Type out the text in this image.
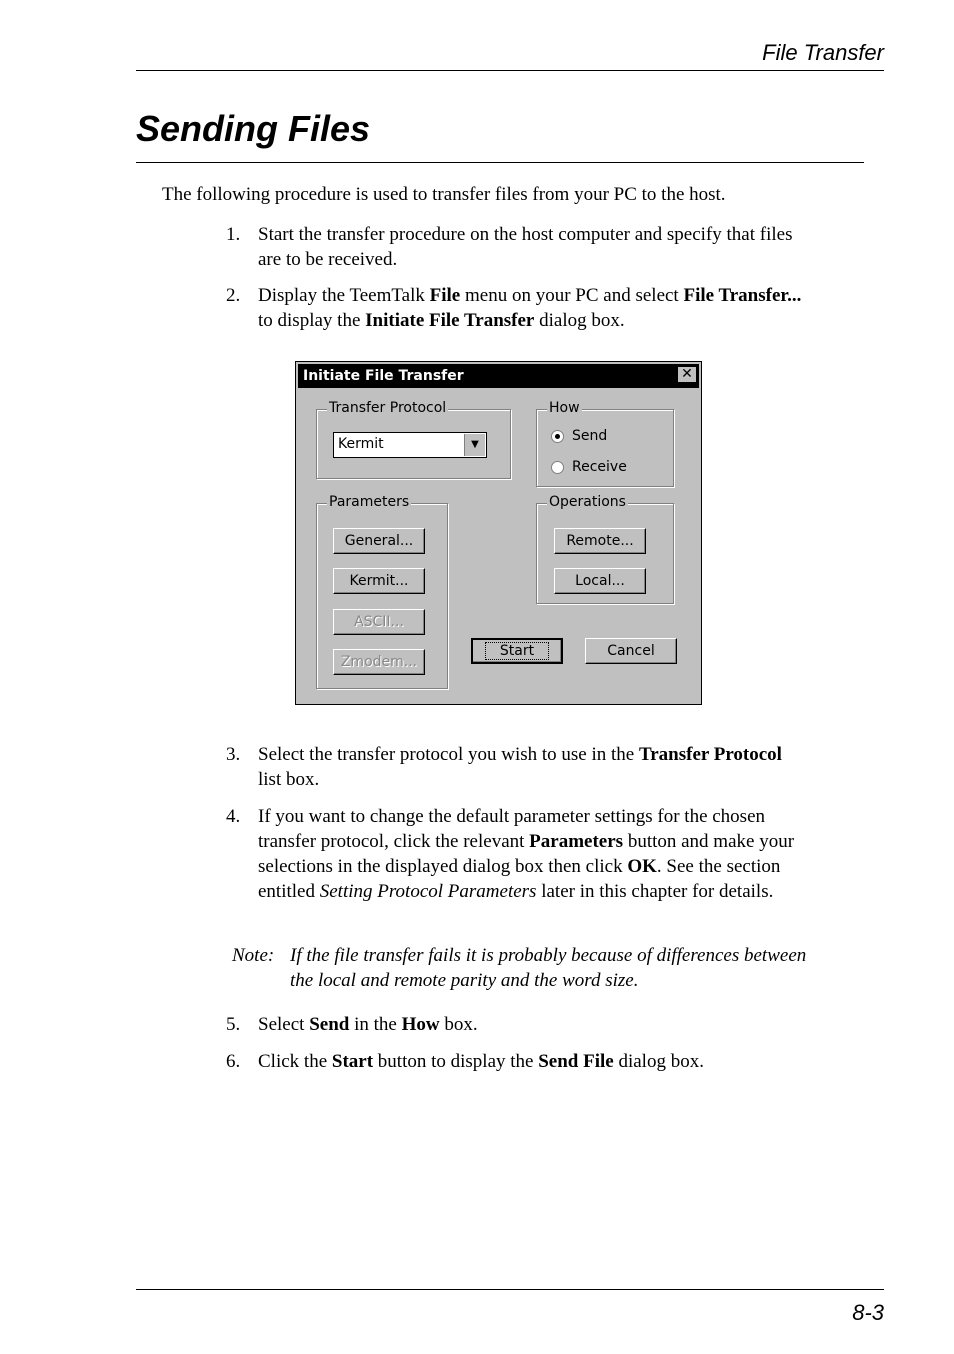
File Transfer
Sending Files
The following procedure is used to transfer files from your PC to the host.
1. Start the transfer procedure on the host computer and specify that files are to be received.
2. Display the TeemTalk File menu on your PC and select File Transfer... to display the Initiate File Transfer dialog box.
Initiate File Transfer	✕
Transfer Protocol
Kermit	▼
How
Send
Receive
Parameters
General...
Kermit...
ASCII...
Zmodem...
Operations
Remote...
Local...
Start	Cancel
3. Select the transfer protocol you wish to use in the Transfer Protocol list box.
4. If you want to change the default parameter settings for the chosen transfer protocol, click the relevant Parameters button and make your selections in the displayed dialog box then click OK. See the section entitled Setting Protocol Parameters later in this chapter for details.
Note: If the file transfer fails it is probably because of differences between the local and remote parity and the word size.
5. Select Send in the How box.
6. Click the Start button to display the Send File dialog box.
8-3
